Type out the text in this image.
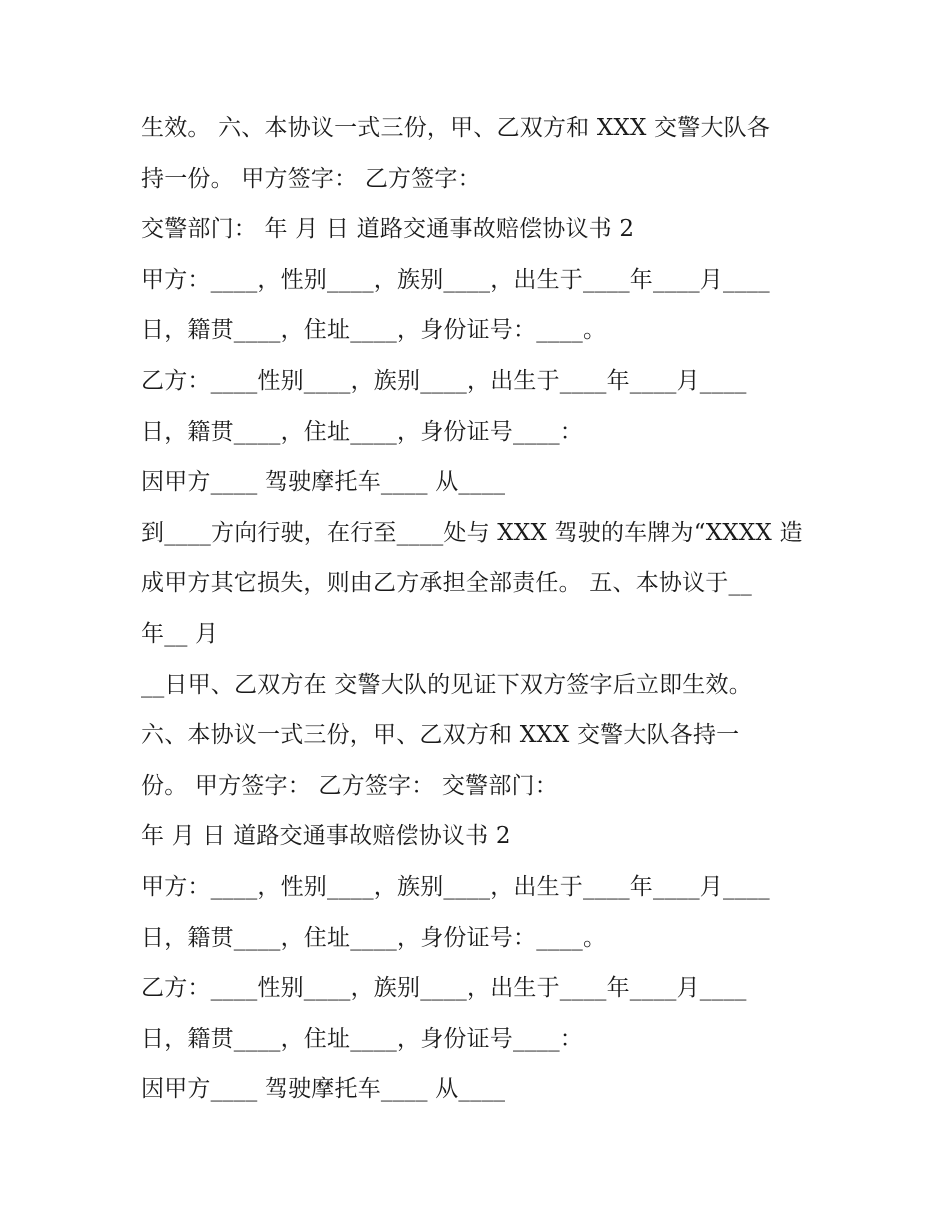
生效。 六、本协议一式三份，甲、乙双方和 XXX 交警大队各
持一份。 甲方签字： 乙方签字：
交警部门： 年 月 日 道路交通事故赔偿协议书 2
甲方：____，性别____，族别____，出生于____年____月____
日，籍贯____，住址____，身份证号：____。
乙方：____性别____，族别____，出生于____年____月____
日，籍贯____，住址____，身份证号____：
因甲方____ 驾驶摩托车____ 从____
到____方向行驶，在行至____处与 XXX 驾驶的车牌为“XXXX 造
成甲方其它损失，则由乙方承担全部责任。 五、本协议于__
年__ 月
__日甲、乙双方在 交警大队的见证下双方签字后立即生效。
六、本协议一式三份，甲、乙双方和 XXX 交警大队各持一
份。 甲方签字： 乙方签字： 交警部门：
年 月 日 道路交通事故赔偿协议书 2
甲方：____，性别____，族别____，出生于____年____月____
日，籍贯____，住址____，身份证号：____。
乙方：____性别____，族别____，出生于____年____月____
日，籍贯____，住址____，身份证号____：
因甲方____ 驾驶摩托车____ 从____
